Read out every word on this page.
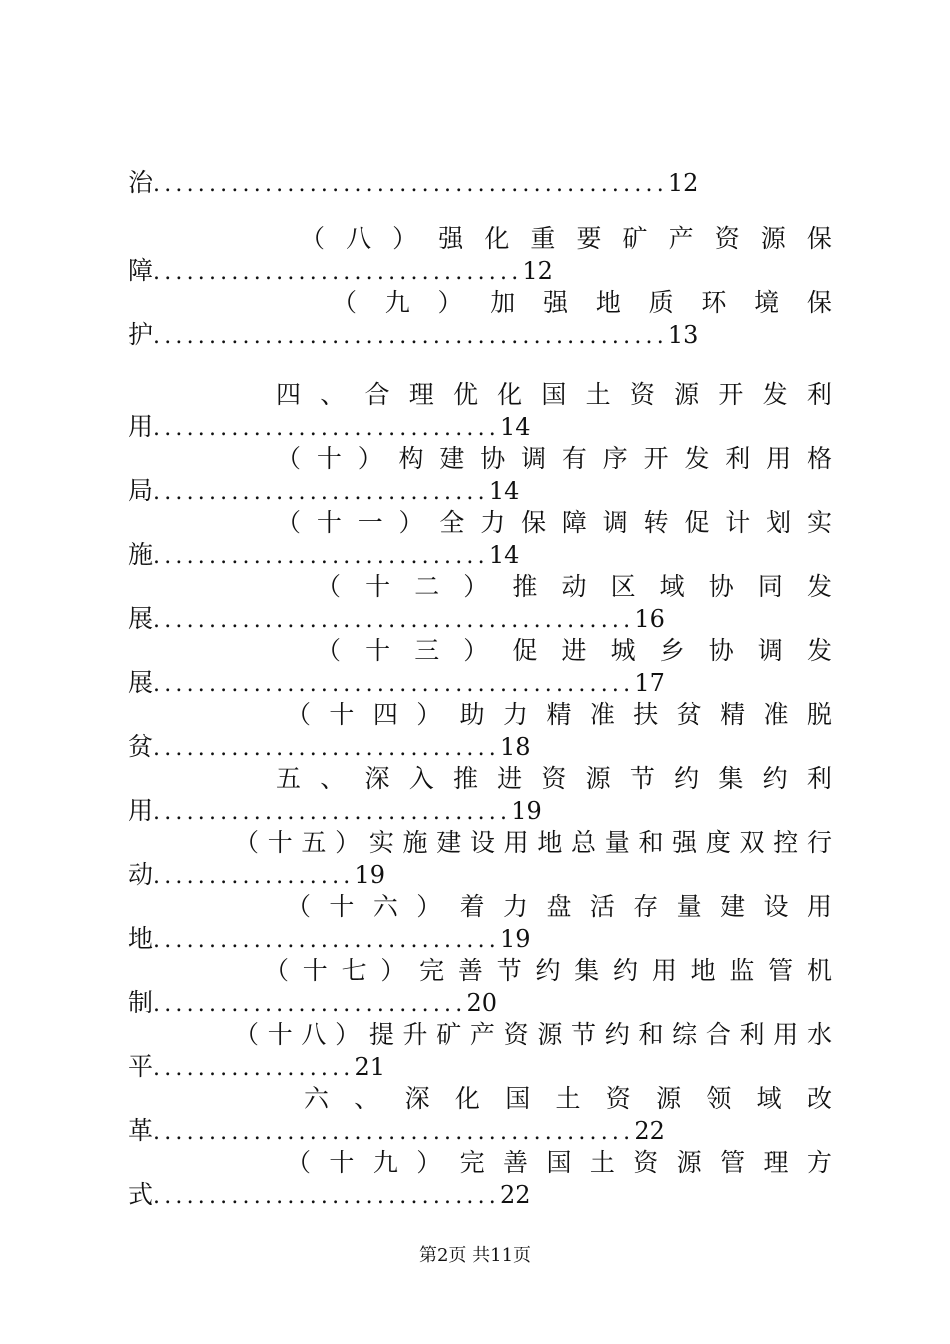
治..............................................12
（ 八 ） 强 化 重 要 矿 产 资 源 保
障.................................12
（ 九 ） 加 强 地 质 环 境 保
护..............................................13
四 、 合 理 优 化 国 土 资 源 开 发 利
用...............................14
（ 十 ） 构 建 协 调 有 序 开 发 利 用 格
局..............................14
（ 十 一 ） 全 力 保 障 调 转 促 计 划 实
施..............................14
（ 十 二 ） 推 动 区 域 协 同 发
展...........................................16
（ 十 三 ） 促 进 城 乡 协 调 发
展...........................................17
（ 十 四 ） 助 力 精 准 扶 贫 精 准 脱
贫...............................18
五 、 深 入 推 进 资 源 节 约 集 约 利
用................................19
（ 十 五 ） 实 施 建 设 用 地 总 量 和 强 度 双 控 行
动..................19
（ 十 六 ） 着 力 盘 活 存 量 建 设 用
地...............................19
（ 十 七 ） 完 善 节 约 集 约 用 地 监 管 机
制............................20
（ 十 八 ） 提 升 矿 产 资 源 节 约 和 综 合 利 用 水
平..................21
六 、 深 化 国 土 资 源 领 域 改
革...........................................22
（ 十 九 ） 完 善 国 土 资 源 管 理 方
式...............................22
第2页 共11页
